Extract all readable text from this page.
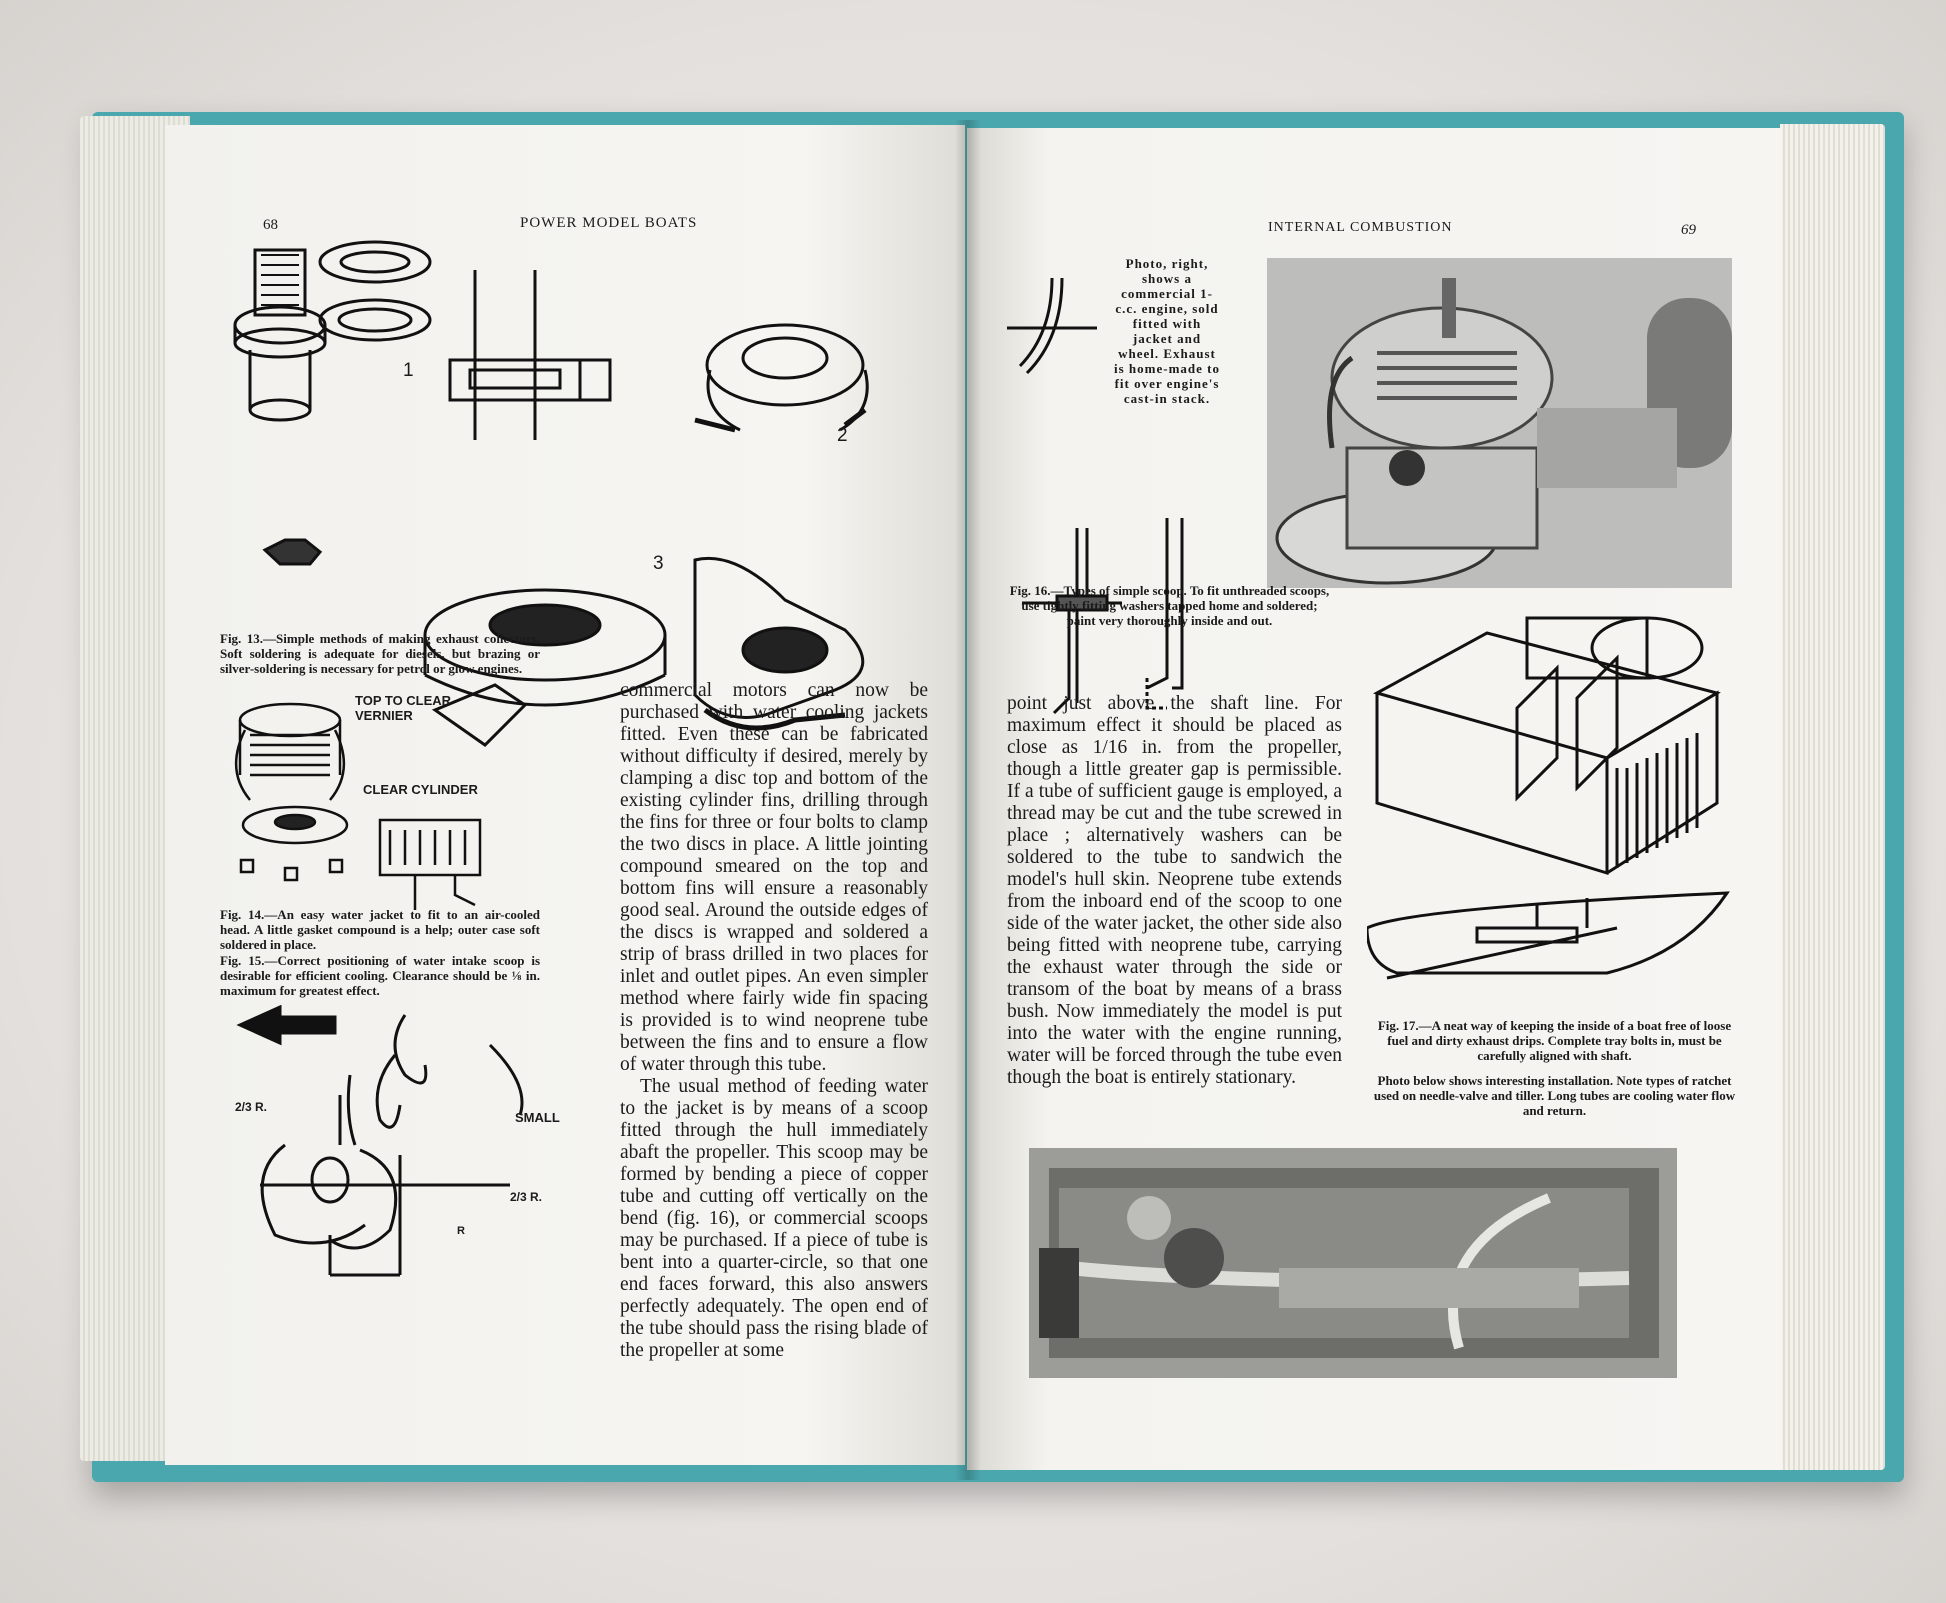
68	POWER MODEL BOATS
1
2
3
Fig. 13.—Simple methods of making exhaust collectors. Soft soldering is adequate for diesels, but brazing or silver-soldering is necessary for petrol or glow engines.
TOP TO CLEAR VERNIER
CLEAR CYLINDER
Fig. 14.—An easy water jacket to fit to an air-cooled head. A little gasket compound is a help; outer case soft soldered in place.
Fig. 15.—Correct positioning of water intake scoop is desirable for efficient cooling. Clearance should be ⅛ in. maximum for greatest effect.
2/3 R.
2/3 R.
SMALL
R

commercial motors can now be purchased with water cooling jackets fitted. Even these can be fabricated without difficulty if desired, merely by clamping a disc top and bottom of the existing cylinder fins, drilling through the fins for three or four bolts to clamp the two discs in place. A little jointing compound smeared on the top and bottom fins will ensure a reasonably good seal. Around the outside edges of the discs is wrapped and soldered a strip of brass drilled in two places for inlet and outlet pipes. An even simpler method where fairly wide fin spacing is provided is to wind neoprene tube between the fins and to ensure a flow of water through this tube.

The usual method of feeding water to the jacket is by means of a scoop fitted through the hull immediately abaft the propeller. This scoop may be formed by bending a piece of copper tube and cutting off vertically on the bend (fig. 16), or commercial scoops may be purchased. If a piece of tube is bent into a quarter-circle, so that one end faces forward, this also answers perfectly adequately. The open end of the tube should pass the rising blade of the propeller at some

INTERNAL COMBUSTION	69
Photo, right, shows a commercial 1-c.c. engine, sold fitted with jacket and wheel. Exhaust is home-made to fit over engine's cast-in stack.
Fig. 16.—Types of simple scoop. To fit unthreaded scoops, use tightly fitting washers tapped home and soldered; paint very thoroughly inside and out.

point just above the shaft line. For maximum effect it should be placed as close as 1/16 in. from the propeller, though a little greater gap is permissible. If a tube of sufficient gauge is employed, a thread may be cut and the tube screwed in place ; alternatively washers can be soldered to the tube to sandwich the model's hull skin. Neoprene tube extends from the inboard end of the scoop to one side of the water jacket, the other side also being fitted with neoprene tube, carrying the exhaust water through the side or transom of the boat by means of a brass bush. Now immediately the model is put into the water with the engine running, water will be forced through the tube even though the boat is entirely stationary.

Fig. 17.—A neat way of keeping the inside of a boat free of loose fuel and dirty exhaust drips. Complete tray bolts in, must be carefully aligned with shaft.
Photo below shows interesting installation. Note types of ratchet used on needle-valve and tiller. Long tubes are cooling water flow and return.
